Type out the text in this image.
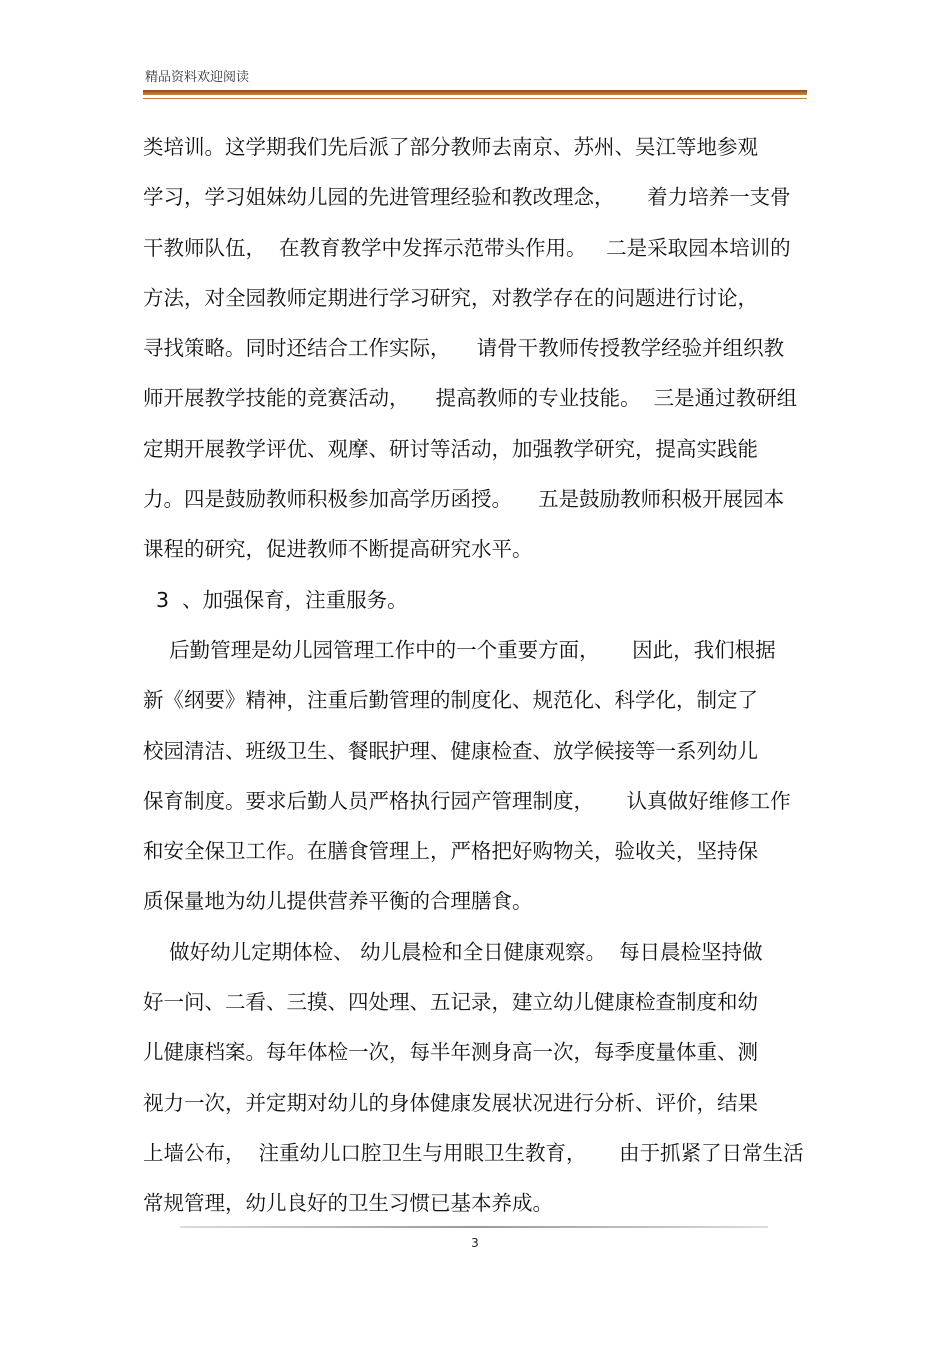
精品资料欢迎阅读
类培训。这学期我们先后派了部分教师去南京、苏州、吴江等地参观
学习，学习姐妹幼儿园的先进管理经验和教改理念，     着力培养一支骨
干教师队伍，  在教育教学中发挥示范带头作用。   二是采取园本培训的
方法，对全园教师定期进行学习研究，对教学存在的问题进行讨论，
寻找策略。同时还结合工作实际，    请骨干教师传授教学经验并组织教
师开展教学技能的竞赛活动，    提高教师的专业技能。  三是通过教研组
定期开展教学评优、观摩、研讨等活动，加强教学研究，提高实践能
力。四是鼓励教师积极参加高学历函授。    五是鼓励教师积极开展园本
课程的研究，促进教师不断提高研究水平。
3  、加强保育，注重服务。
后勤管理是幼儿园管理工作中的一个重要方面，     因此，我们根据
新《纲要》精神，注重后勤管理的制度化、规范化、科学化，制定了
校园清洁、班级卫生、餐眠护理、健康检查、放学候接等一系列幼儿
保育制度。要求后勤人员严格执行园产管理制度，     认真做好维修工作
和安全保卫工作。在膳食管理上，严格把好购物关，验收关，坚持保
质保量地为幼儿提供营养平衡的合理膳食。
做好幼儿定期体检、 幼儿晨检和全日健康观察。  每日晨检坚持做
好一问、二看、三摸、四处理、五记录，建立幼儿健康检查制度和幼
儿健康档案。每年体检一次，每半年测身高一次，每季度量体重、测
视力一次，并定期对幼儿的身体健康发展状况进行分析、评价，结果
上墙公布，  注重幼儿口腔卫生与用眼卫生教育，     由于抓紧了日常生活
常规管理，幼儿良好的卫生习惯已基本养成。
3
